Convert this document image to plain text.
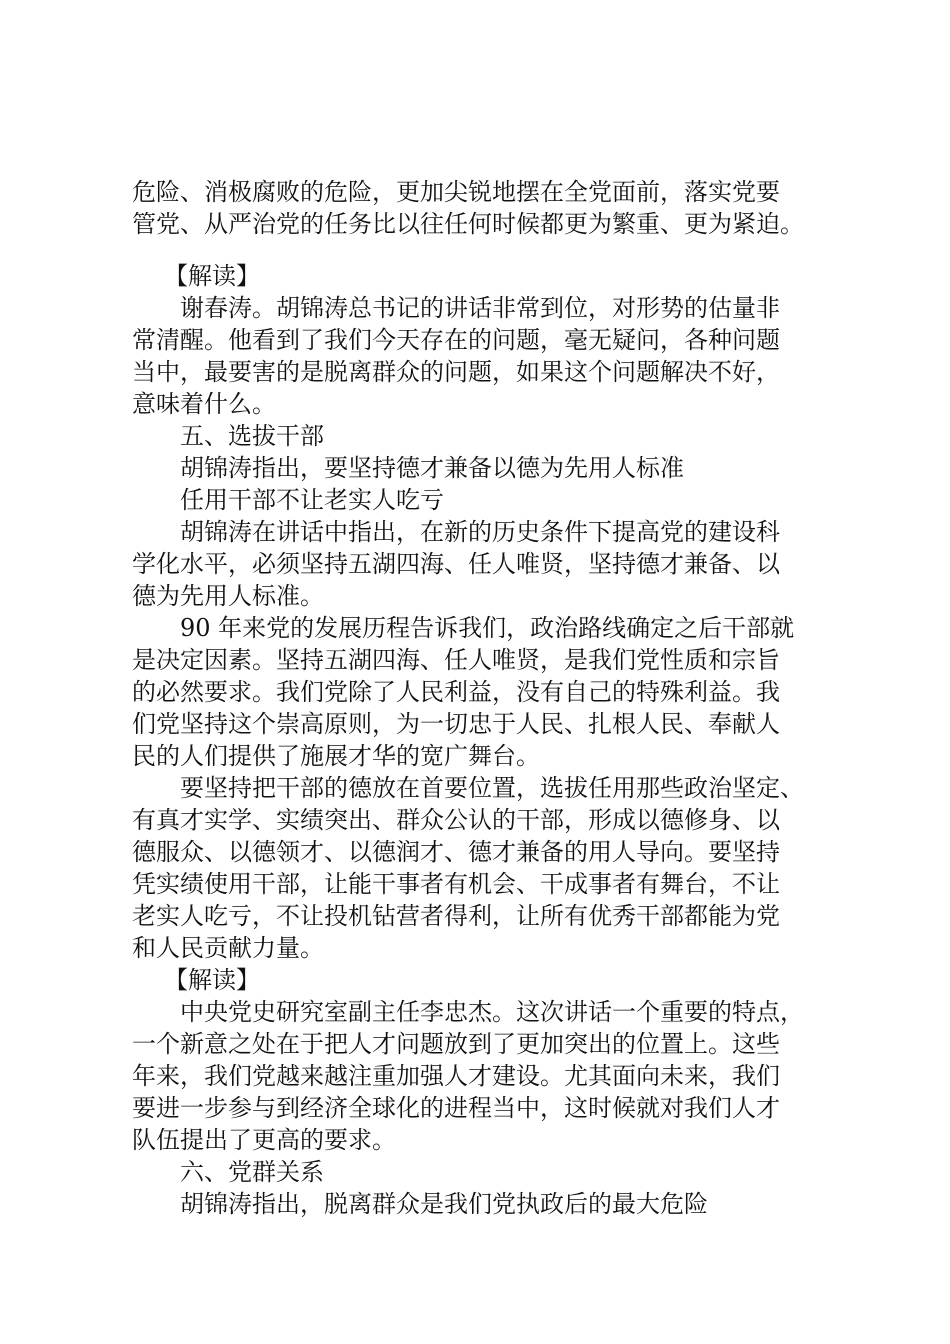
危险、消极腐败的危险，更加尖锐地摆在全党面前，落实党要
管党、从严治党的任务比以往任何时候都更为繁重、更为紧迫。
【解读】
谢春涛。胡锦涛总书记的讲话非常到位，对形势的估量非
常清醒。他看到了我们今天存在的问题，毫无疑问，各种问题
当中，最要害的是脱离群众的问题，如果这个问题解决不好，
意味着什么。
五、选拔干部
胡锦涛指出，要坚持德才兼备以德为先用人标准
任用干部不让老实人吃亏
胡锦涛在讲话中指出，在新的历史条件下提高党的建设科
学化水平，必须坚持五湖四海、任人唯贤，坚持德才兼备、以
德为先用人标准。
90 年来党的发展历程告诉我们，政治路线确定之后干部就
是决定因素。坚持五湖四海、任人唯贤，是我们党性质和宗旨
的必然要求。我们党除了人民利益，没有自己的特殊利益。我
们党坚持这个崇高原则，为一切忠于人民、扎根人民、奉献人
民的人们提供了施展才华的宽广舞台。
要坚持把干部的德放在首要位置，选拔任用那些政治坚定、
有真才实学、实绩突出、群众公认的干部，形成以德修身、以
德服众、以德领才、以德润才、德才兼备的用人导向。要坚持
凭实绩使用干部，让能干事者有机会、干成事者有舞台，不让
老实人吃亏，不让投机钻营者得利，让所有优秀干部都能为党
和人民贡献力量。
【解读】
中央党史研究室副主任李忠杰。这次讲话一个重要的特点，
一个新意之处在于把人才问题放到了更加突出的位置上。这些
年来，我们党越来越注重加强人才建设。尤其面向未来，我们
要进一步参与到经济全球化的进程当中，这时候就对我们人才
队伍提出了更高的要求。
六、党群关系
胡锦涛指出，脱离群众是我们党执政后的最大危险
